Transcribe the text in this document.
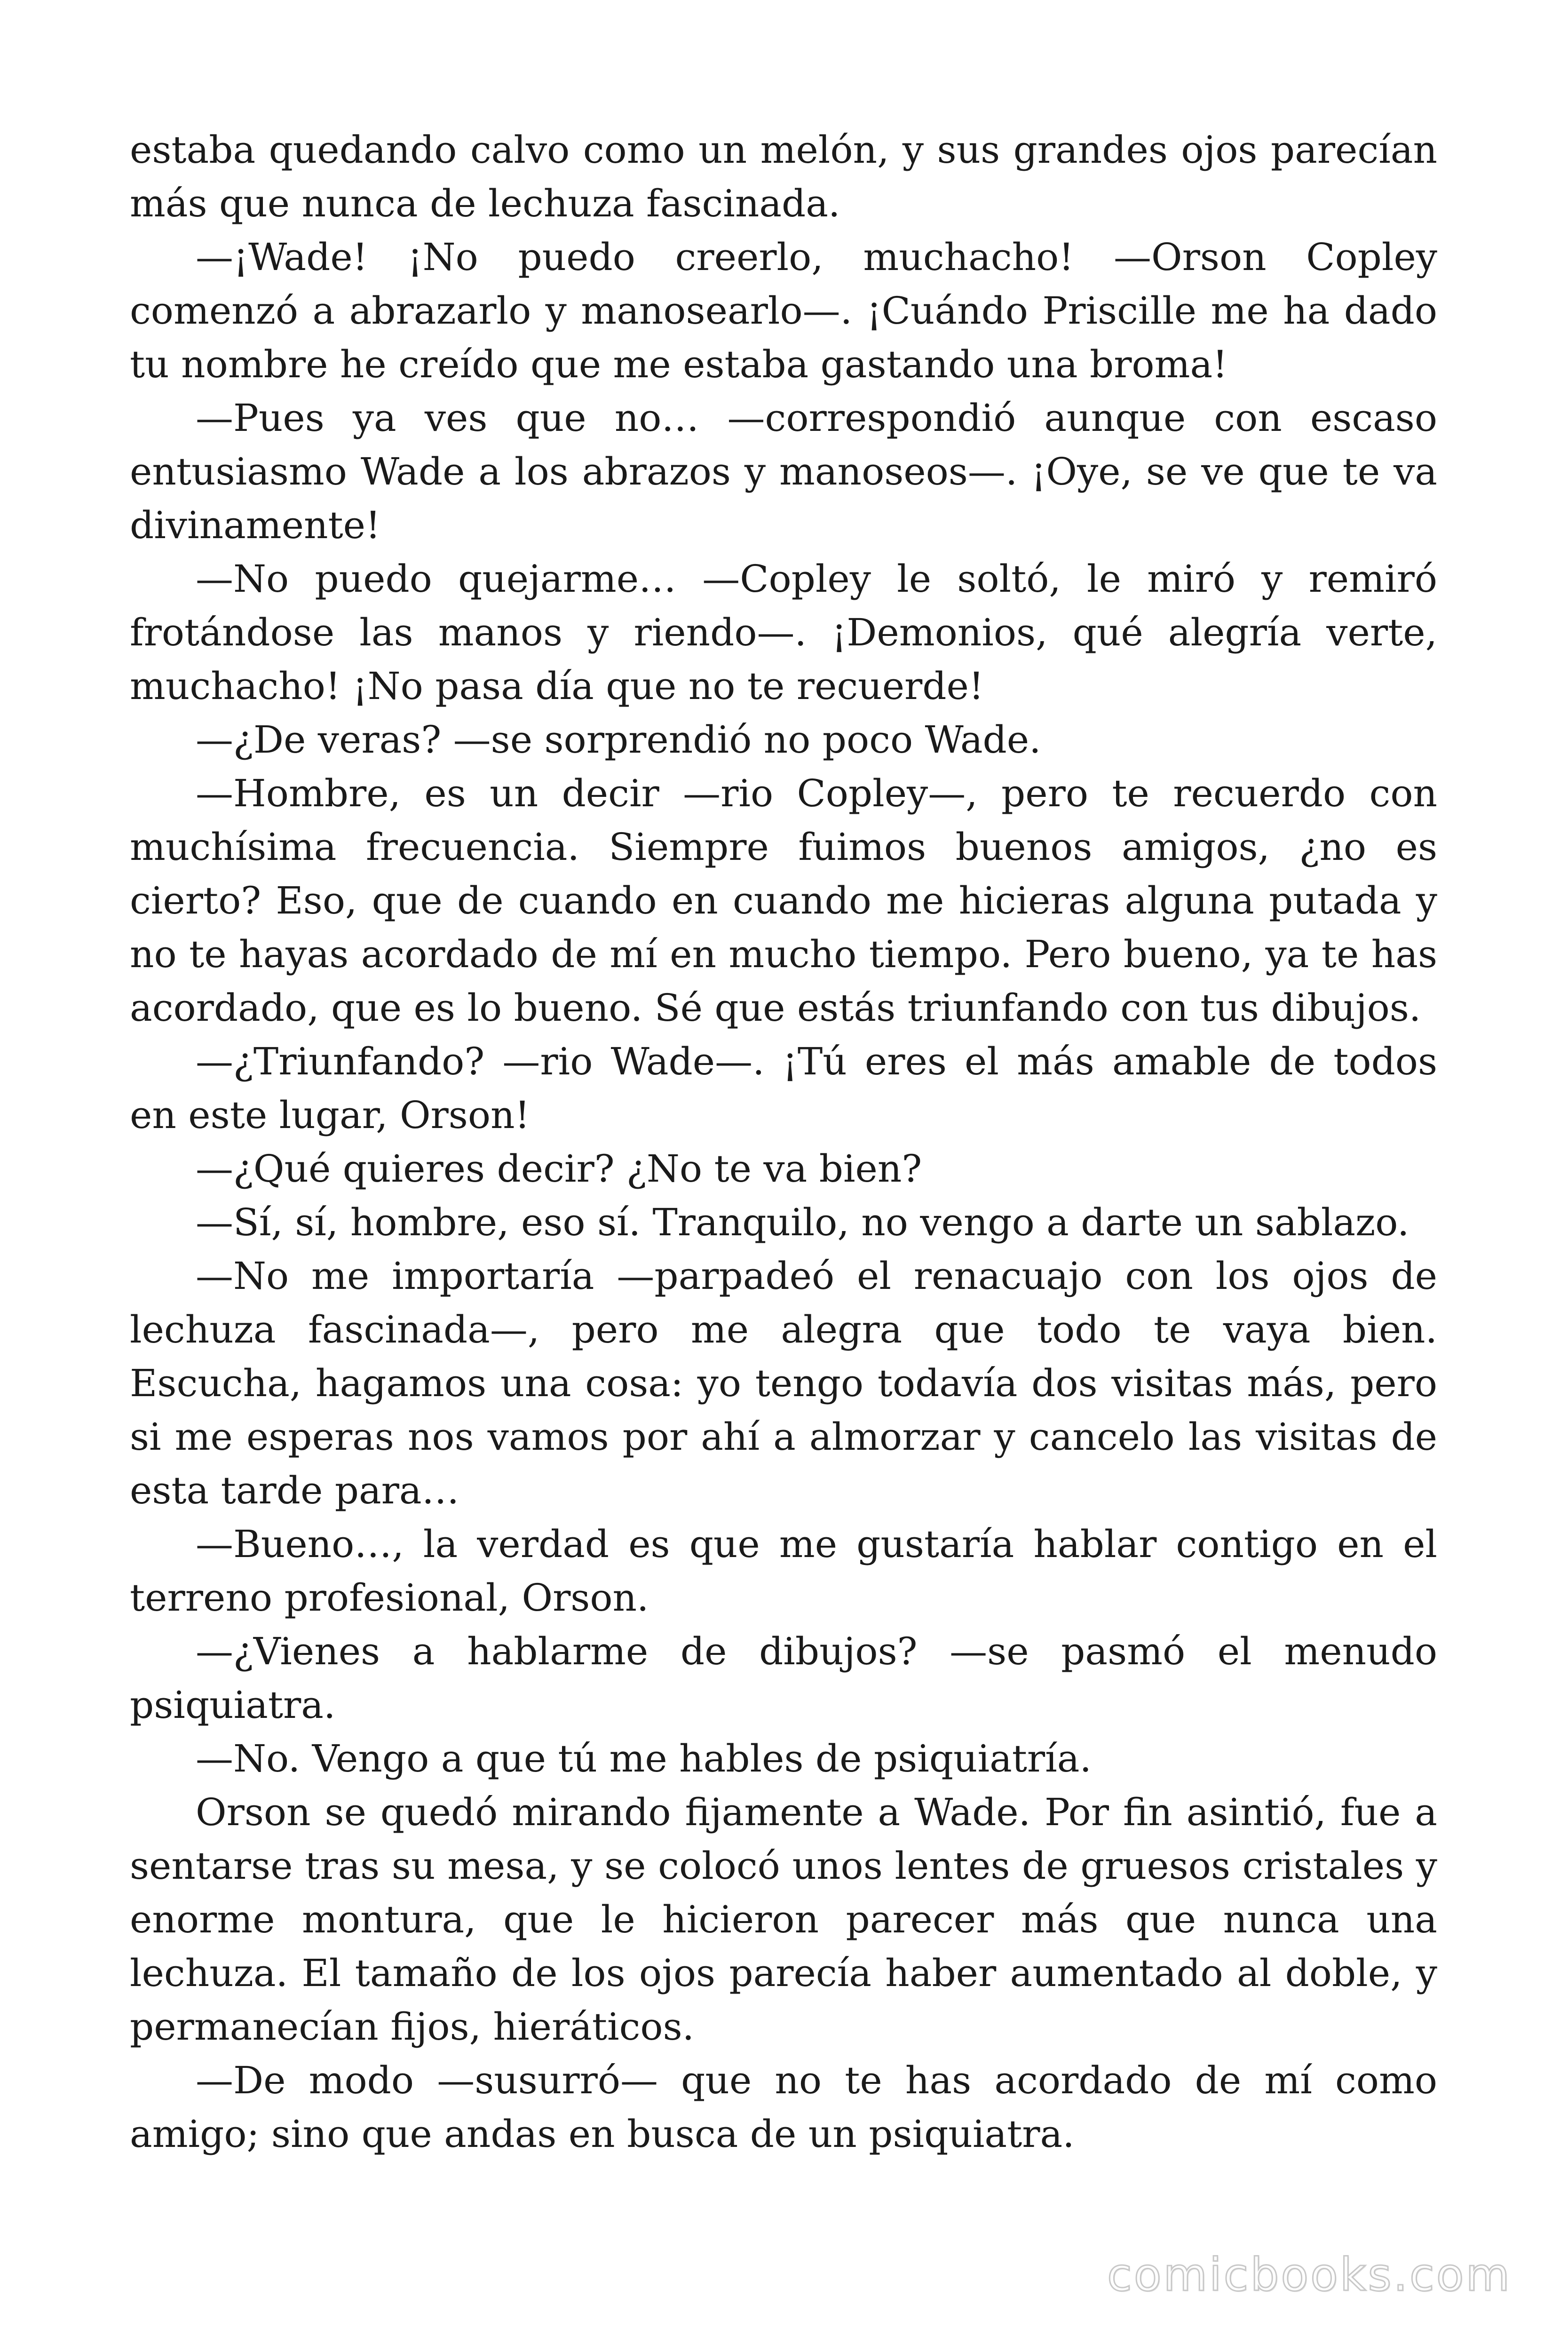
estaba quedando calvo como un melón, y sus grandes ojos parecían más que nunca de lechuza fascinada.

—¡Wade! ¡No puedo creerlo, muchacho! —Orson Copley comenzó a abrazarlo y manosearlo—. ¡Cuándo Priscille me ha dado tu nombre he creído que me estaba gastando una broma!

—Pues ya ves que no… —correspondió aunque con escaso entusiasmo Wade a los abrazos y manoseos—. ¡Oye, se ve que te va divinamente!

—No puedo quejarme… —Copley le soltó, le miró y remiró frotándose las manos y riendo—. ¡Demonios, qué alegría verte, muchacho! ¡No pasa día que no te recuerde!

—¿De veras? —se sorprendió no poco Wade.

—Hombre, es un decir —rio Copley—, pero te recuerdo con muchísima frecuencia. Siempre fuimos buenos amigos, ¿no es cierto? Eso, que de cuando en cuando me hicieras alguna putada y no te hayas acordado de mí en mucho tiempo. Pero bueno, ya te has acordado, que es lo bueno. Sé que estás triunfando con tus dibujos.

—¿Triunfando? —rio Wade—. ¡Tú eres el más amable de todos en este lugar, Orson!

—¿Qué quieres decir? ¿No te va bien?

—Sí, sí, hombre, eso sí. Tranquilo, no vengo a darte un sablazo.

—No me importaría —parpadeó el renacuajo con los ojos de lechuza fascinada—, pero me alegra que todo te vaya bien. Escucha, hagamos una cosa: yo tengo todavía dos visitas más, pero si me esperas nos vamos por ahí a almorzar y cancelo las visitas de esta tarde para…

—Bueno…, la verdad es que me gustaría hablar contigo en el terreno profesional, Orson.

—¿Vienes a hablarme de dibujos? —se pasmó el menudo psiquiatra.

—No. Vengo a que tú me hables de psiquiatría.

Orson se quedó mirando fijamente a Wade. Por fin asintió, fue a sentarse tras su mesa, y se colocó unos lentes de gruesos cristales y enorme montura, que le hicieron parecer más que nunca una lechuza. El tamaño de los ojos parecía haber aumentado al doble, y permanecían fijos, hieráticos.

—De modo —susurró— que no te has acordado de mí como amigo; sino que andas en busca de un psiquiatra.

comicbooks.com
